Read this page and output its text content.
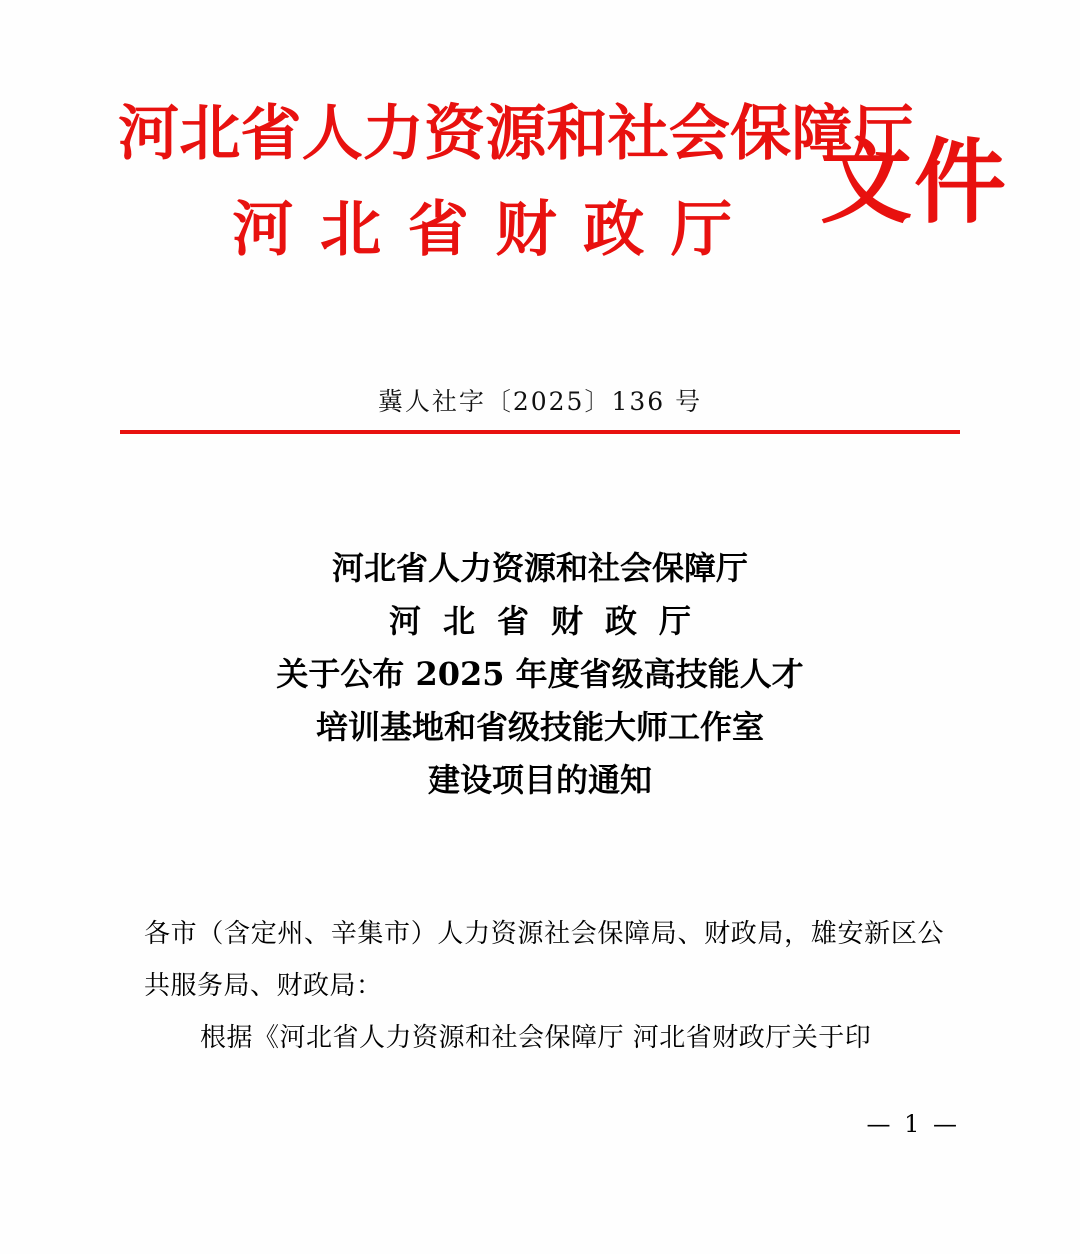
河北省人力资源和社会保障厅
河北省财政厅 文件
冀人社字〔2025〕136 号
河北省人力资源和社会保障厅
河北省财政厅
关于公布 2025 年度省级高技能人才
培训基地和省级技能大师工作室
建设项目的通知
各市（含定州、辛集市）人力资源社会保障局、财政局，雄安新区公共服务局、财政局：
根据《河北省人力资源和社会保障厅 河北省财政厅关于印
— 1 —
